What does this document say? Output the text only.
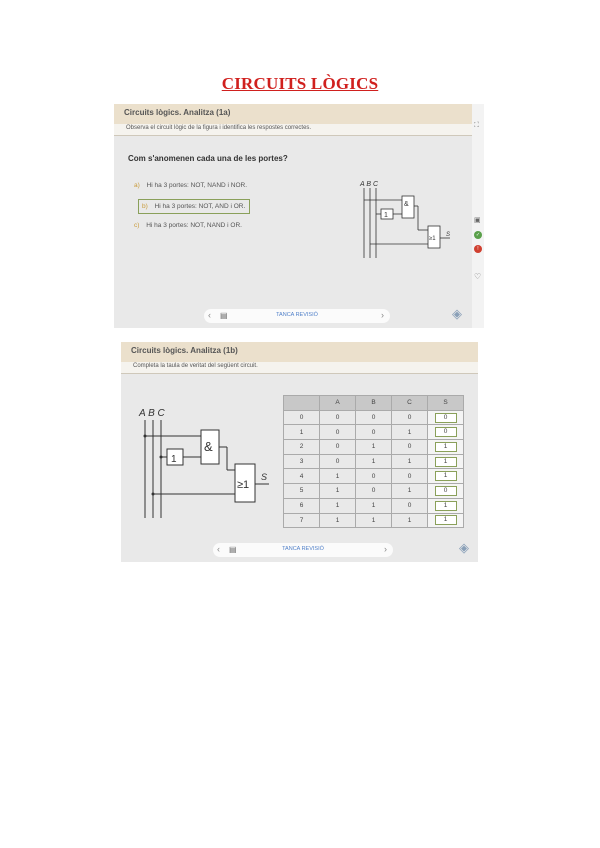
CIRCUITS LÒGICS
Circuits lògics. Analitza (1a)
Observa el circuit lògic de la figura i identifica les respostes correctes.
Com s'anomenen cada una de les portes?
a) Hi ha 3 portes: NOT, NAND i NOR.
b) Hi ha 3 portes: NOT, AND i OR.
c) Hi ha 3 portes: NOT, NAND i OR.
A B C
&
1
≥1
S
⛶
▣
✓
!
♡
‹ ▤	TANCA REVISIÓ	›	◈
Circuits lògics. Analitza (1b)
Completa la taula de veritat del següent circuit.
A B C
&
1
≥1
S
	A	B	C	S
0	0	0	0	0
1	0	0	1	0
2	0	1	0	1
3	0	1	1	1
4	1	0	0	1
5	1	0	1	0
6	1	1	0	1
7	1	1	1	1
‹ ▤	TANCA REVISIÓ	›	◈
